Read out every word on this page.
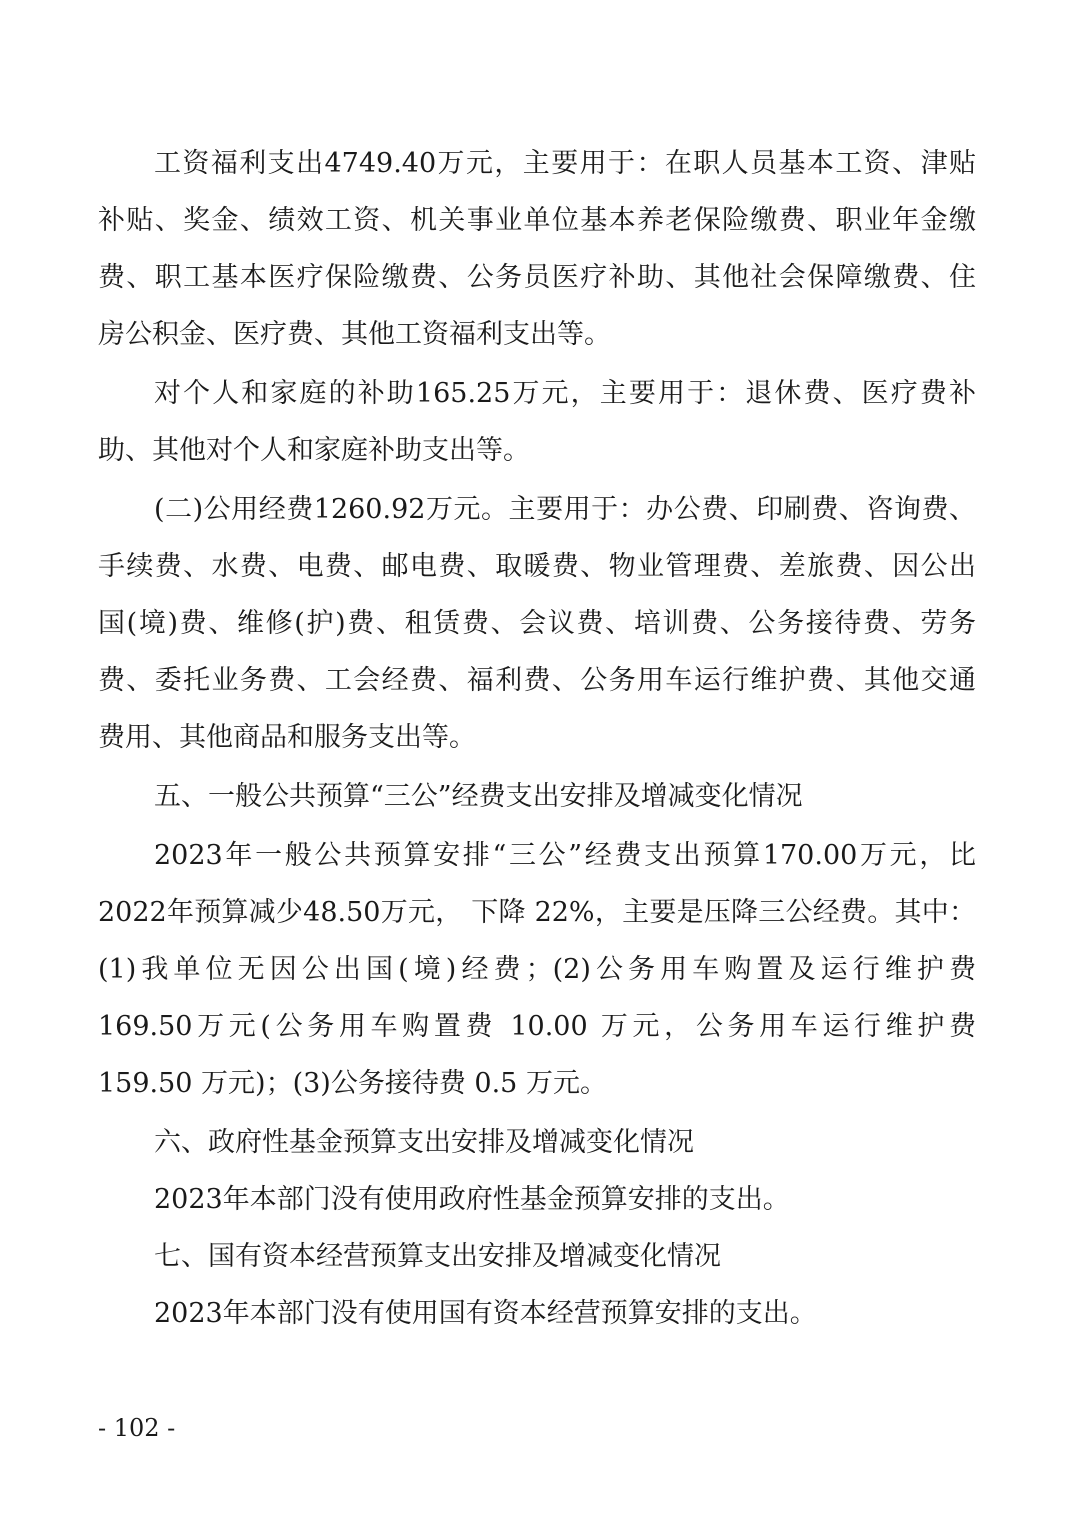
工资福利支出4749.40万元，主要用于：在职人员基本工资、津贴
补贴、奖金、绩效工资、机关事业单位基本养老保险缴费、职业年金缴
费、职工基本医疗保险缴费、公务员医疗补助、其他社会保障缴费、住
房公积金、医疗费、其他工资福利支出等。
对个人和家庭的补助165.25万元，主要用于：退休费、医疗费补
助、其他对个人和家庭补助支出等。
(二)公用经费1260.92万元。主要用于：办公费、印刷费、咨询费、
手续费、水费、电费、邮电费、取暖费、物业管理费、差旅费、因公出
国(境)费、维修(护)费、租赁费、会议费、培训费、公务接待费、劳务
费、委托业务费、工会经费、福利费、公务用车运行维护费、其他交通
费用、其他商品和服务支出等。
五、一般公共预算“三公”经费支出安排及增减变化情况
2023年一般公共预算安排“三公”经费支出预算170.00万元，比
2022年预算减少48.50万元， 下降 22%，主要是压降三公经费。其中：
(1)我单位无因公出国(境)经费；(2)公务用车购置及运行维护费
169.50万元(公务用车购置费 10.00 万元，公务用车运行维护费
159.50 万元)；(3)公务接待费 0.5 万元。
六、政府性基金预算支出安排及增减变化情况
2023年本部门没有使用政府性基金预算安排的支出。
七、国有资本经营预算支出安排及增减变化情况
2023年本部门没有使用国有资本经营预算安排的支出。
- 102 -
